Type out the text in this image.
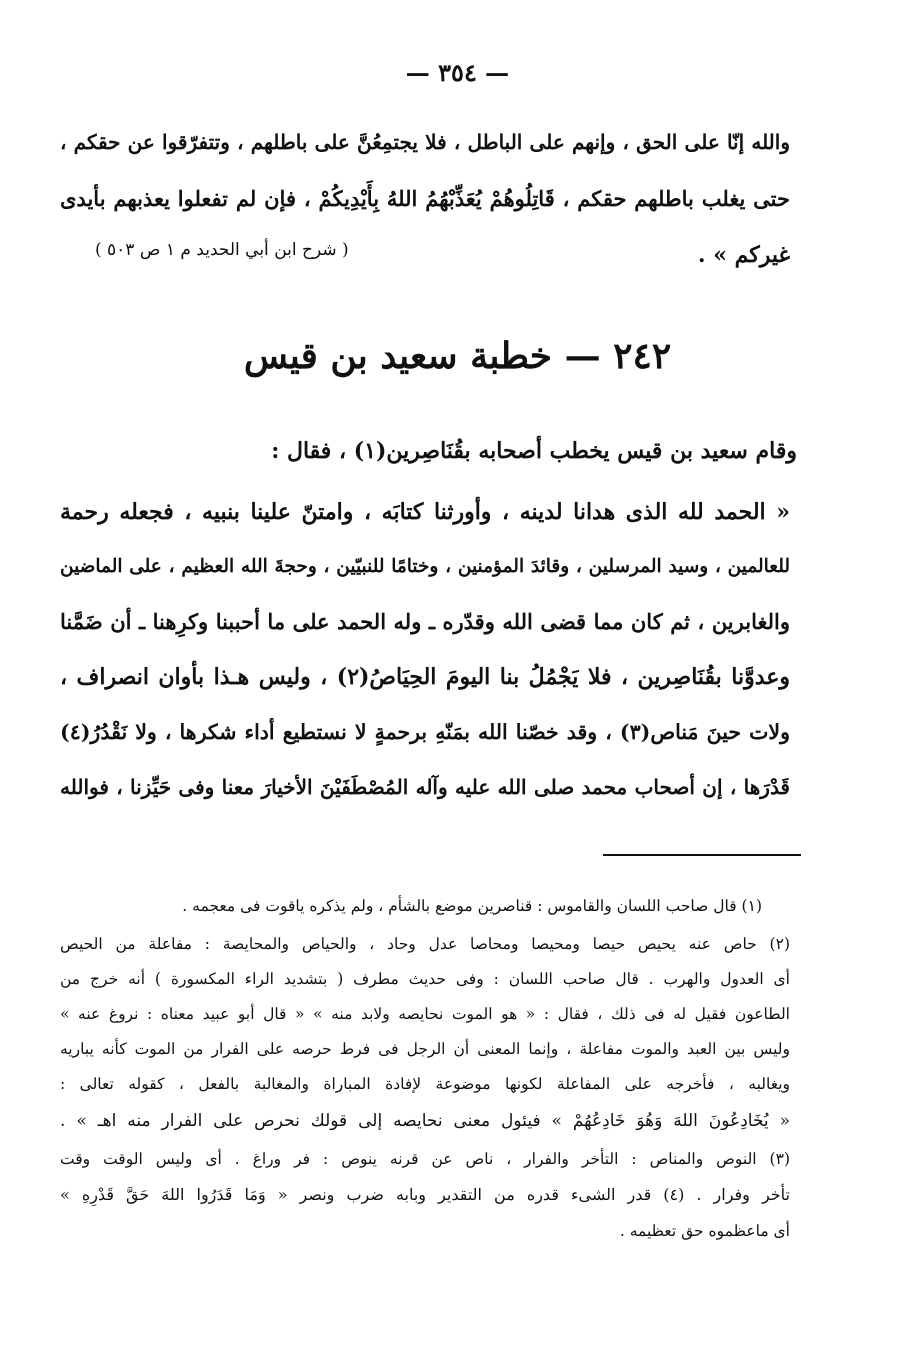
— ٣٥٤ —
والله إنّا على الحق ، وإنهم على الباطل ، فلا يجتمِعُنَّ على باطلهم ، وتتفرّقوا عن حقكم ،
حتى يغلب باطلهم حقكم ، قَاتِلُوهُمْ يُعَذِّبْهُمُ اللهُ بِأَيْدِيكُمْ ، فإن لم تفعلوا يعذبهم بأيدى
غيركم » .
( شرح ابن أبي الحديد م ١ ص ٥٠٣ )
٢٤٢ — خطبة سعيد بن قيس
وقام سعيد بن قيس يخطب أصحابه بقُنَاصِرين(١) ، فقال :
« الحمد لله الذى هدانا لدينه ، وأورثنا كتابَه ، وامتنّ علينا بنبيه ، فجعله رحمة
للعالمين ، وسيد المرسلين ، وقائدَ المؤمنين ، وختامًا للنبيّين ، وحجةَ الله العظيم ، على الماضين
والغابرين ، ثم كان مما قضى الله وقدّره ـ وله الحمد على ما أحببنا وكرِهنا ـ أن ضَمَّنا
وعدوَّنا بقُنَاصِرين ، فلا يَجْمُلُ بنا اليومَ الحِيَاصُ(٢) ، وليس هـذا بأوان انصراف ،
ولات حينَ مَناص(٣) ، وقد خصّنا الله بمَنّهِ برحمةٍ لا نستطيع أداء شكرها ، ولا نَقْدُرُ(٤)
قَدْرَها ، إن أصحاب محمد صلى الله عليه وآله المُصْطَفَيْنَ الأخيارَ معنا وفى حَيِّزنا ، فوالله
(١) قال صاحب اللسان والقاموس : قناصرين موضع بالشأم ، ولم يذكره ياقوت فى معجمه .
(٢) حاص عنه يحيص حيصا ومحيصا ومحاصا عدل وحاد ، والحياص والمحايصة : مفاعلة من الحيص
أى العدول والهرب . قال صاحب اللسان : وفى حديث مطرف ( بتشديد الراء المكسورة ) أنه خرج من
الطاعون فقيل له فى ذلك ، فقال : « هو الموت نحايصه ولابد منه » « قال أبو عبيد معناه : نروغ عنه »
وليس بين العبد والموت مفاعلة ، وإنما المعنى أن الرجل فى فرط حرصه على الفرار من الموت كأنه يباريه
ويغالبه ، فأخرجه على المفاعلة لكونها موضوعة لإفادة المباراة والمغالبة بالفعل ، كقوله تعالى :
« يُخَادِعُونَ اللهَ وَهُوَ خَادِعُهُمْ » فيئول معنى نحايصه إلى قولك نحرص على الفرار منه اهـ » .
(٣) النوص والمناص : التأخر والفرار ، ناص عن قرنه ينوص : فر وراغ . أى وليس الوقت وقت
تأخر وفرار . (٤) قدر الشىء قدره من التقدير وبابه ضرب ونصر « وَمَا قَدَرُوا اللهَ حَقَّ قَدْرِهِ »
أى ماعظموه حق تعظيمه .
